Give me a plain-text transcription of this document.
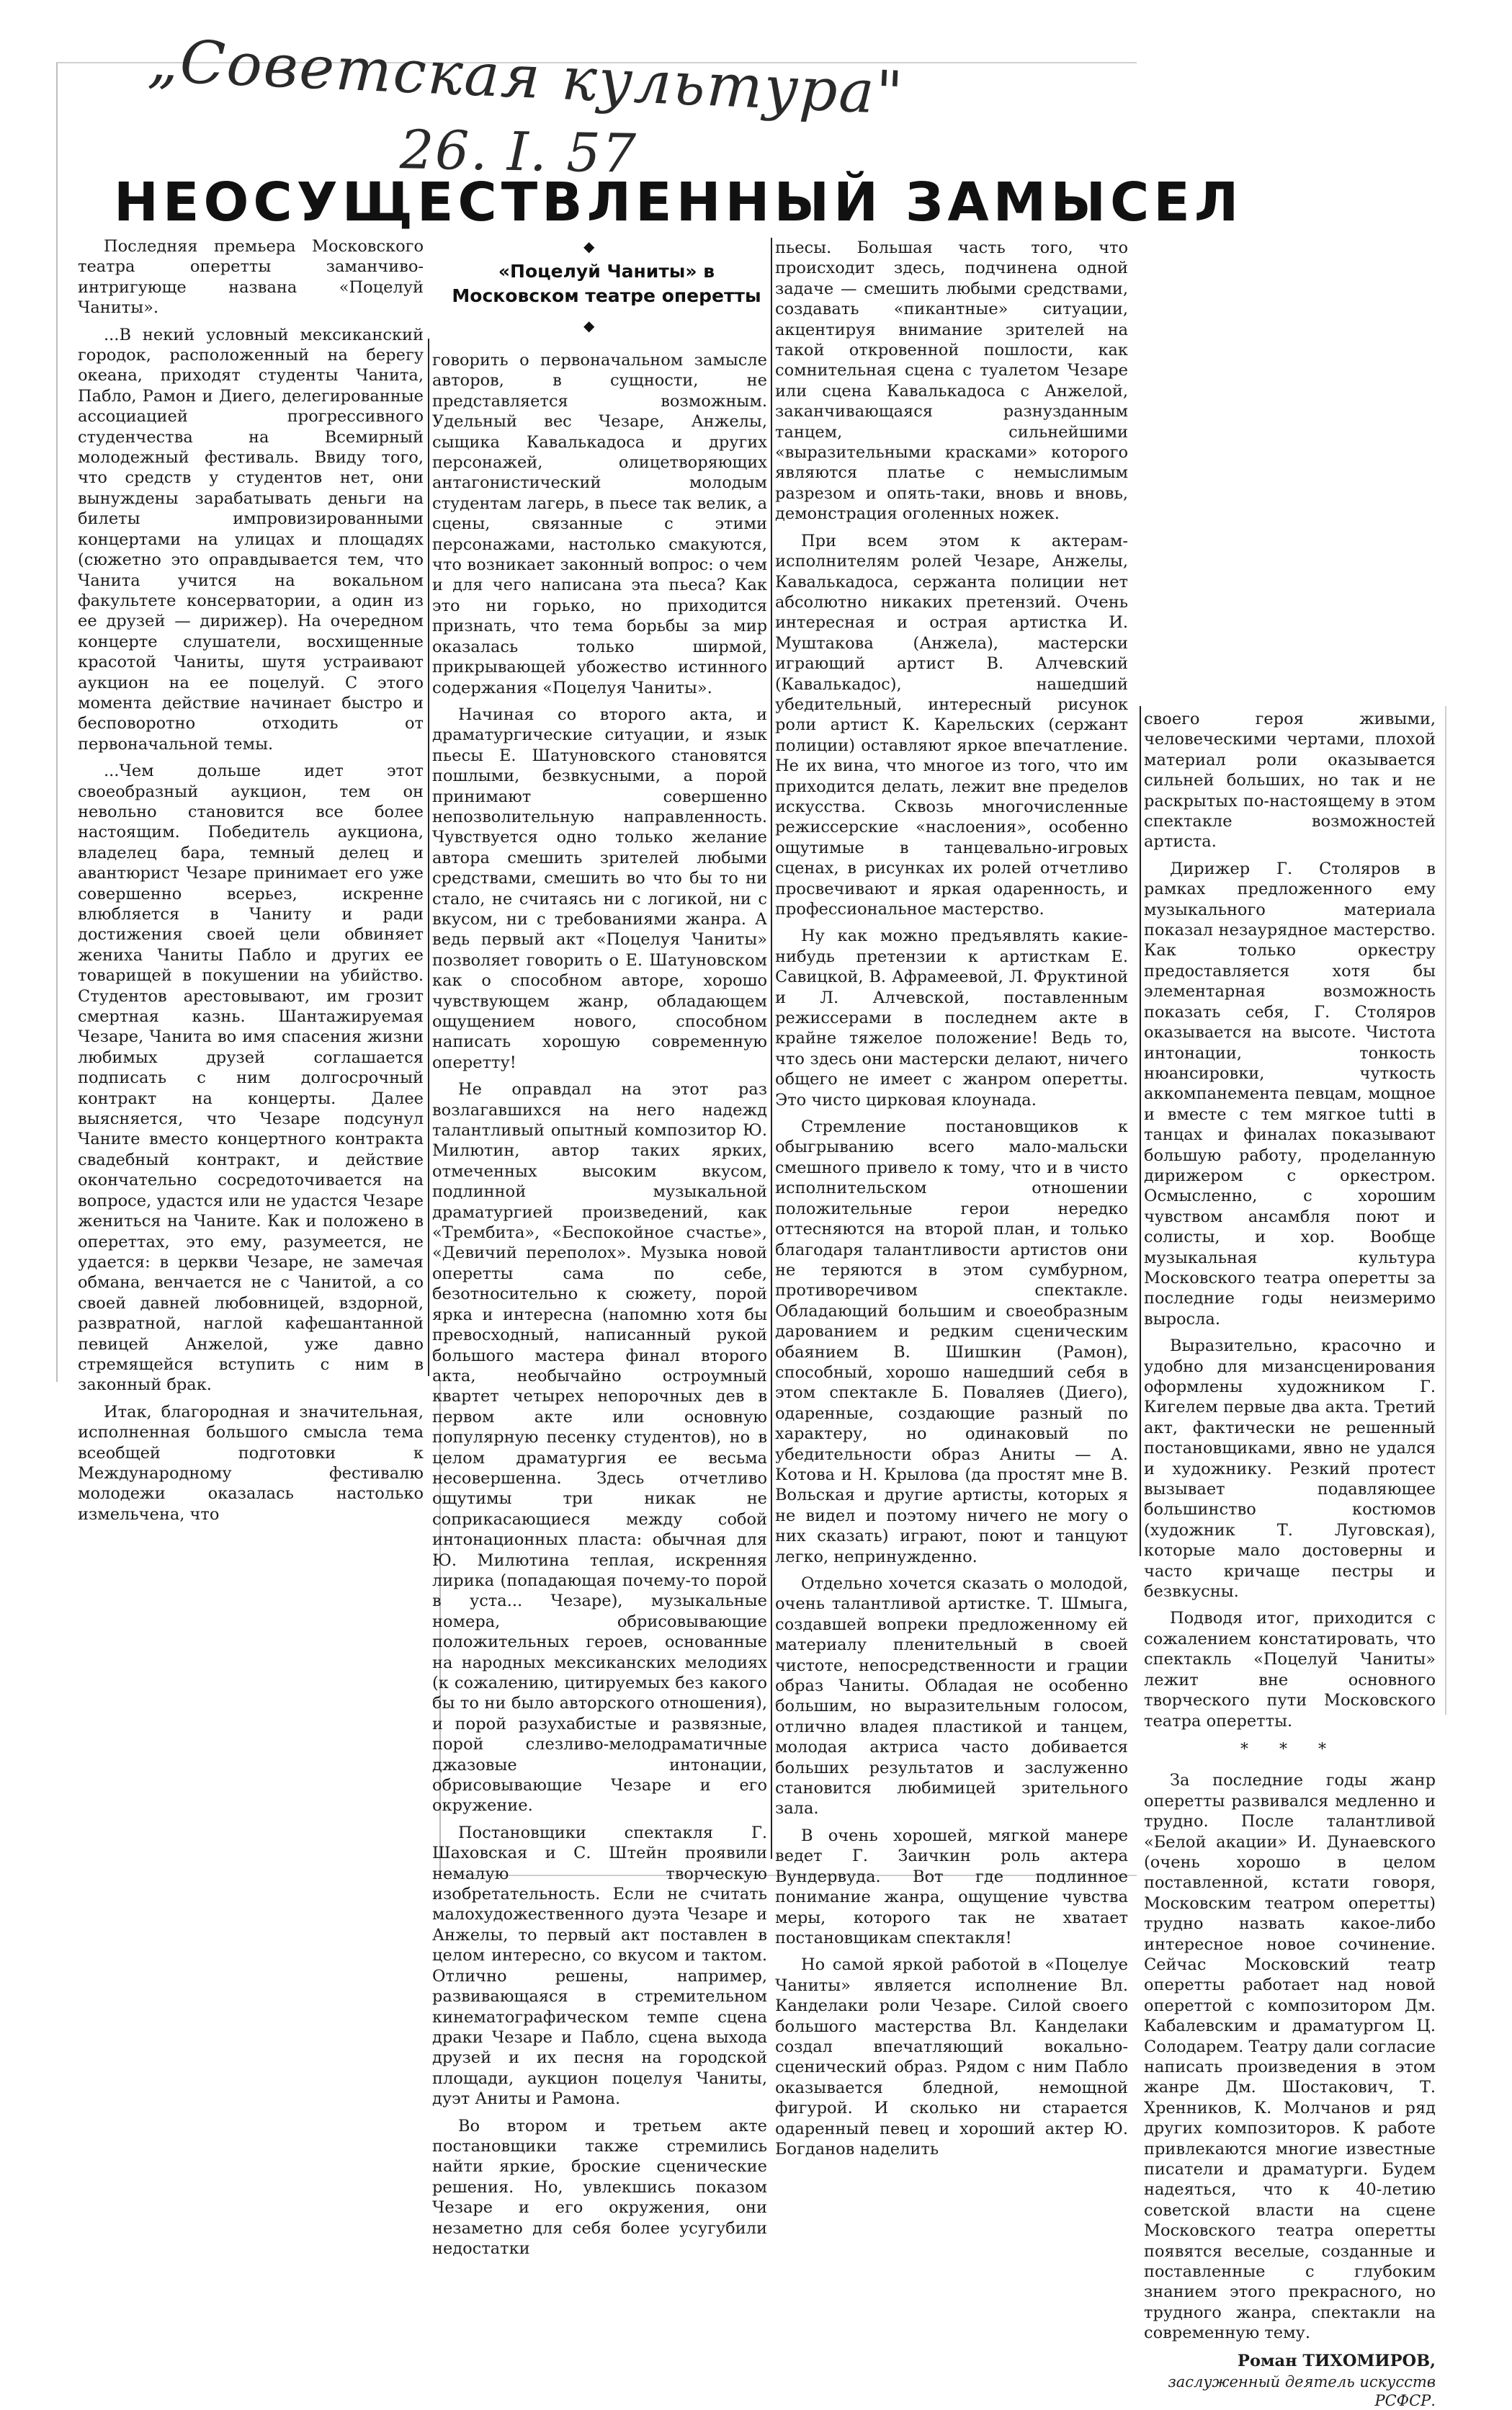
„Советская культура"
26. I. 57
НЕОСУЩЕСТВЛЕННЫЙ ЗАМЫСЕЛ
◆
«Поцелуй Чаниты» в Московском театре оперетты
◆

Последняя премьера Московского театра оперетты заманчиво-интригующе названа «Поцелуй Чаниты».

...В некий условный мексиканский городок, расположенный на берегу океана, приходят студенты Чанита, Пабло, Рамон и Диего, делегированные ассоциацией прогрессивного студенчества на Всемирный молодежный фестиваль. Ввиду того, что средств у студентов нет, они вынуждены зарабатывать деньги на билеты импровизированными концертами на улицах и площадях (сюжетно это оправдывается тем, что Чанита учится на вокальном факультете консерватории, а один из ее друзей — дирижер). На очередном концерте слушатели, восхищенные красотой Чаниты, шутя устраивают аукцион на ее поцелуй. С этого момента действие начинает быстро и бесповоротно отходить от первоначальной темы.

...Чем дольше идет этот своеобразный аукцион, тем он невольно становится все более настоящим. Победитель аукциона, владелец бара, темный делец и авантюрист Чезаре принимает его уже совершенно всерьез, искренне влюбляется в Чаниту и ради достижения своей цели обвиняет женихa Чаниты Пабло и других ее товарищей в покушении на убийство. Студентов арестовывают, им грозит смертная казнь. Шантажируемая Чезаре, Чанита во имя спасения жизни любимых друзей соглашается подписать с ним долгосрочный контракт на концерты. Далее выясняется, что Чезаре подсунул Чаните вместо концертного контракта свадебный контракт, и действие окончательно сосредоточивается на вопросе, удастся или не удастся Чезаре жениться на Чаните. Как и положено в опереттах, это ему, разумеется, не удается: в церкви Чезаре, не замечая обмана, венчается не с Чанитой, а со своей давней любовницей, вздорной, развратной, наглой кафешантанной певицей Анжелой, уже давно стремящейся вступить с ним в законный брак.

Итак, благородная и значительная, исполненная большого смысла тема всеобщей подготовки к Международному фестивалю молодежи оказалась настолько измельчена, что

говорить о первоначальном замысле авторов, в сущности, не представляется возможным. Удельный вес Чезаре, Анжелы, сыщика Кавалькадоса и других персонажей, олицетворяющих антагонистический молодым студентам лагерь, в пьесе так велик, а сцены, связанные с этими персонажами, настолько смакуются, что возникает законный вопрос: о чем и для чего написана эта пьеса? Как это ни горько, но приходится признать, что тема борьбы за мир оказалась только ширмой, прикрывающей убожество истинного содержания «Поцелуя Чаниты».

Начиная со второго акта, и драматургические ситуации, и язык пьесы Е. Шатуновского становятся пошлыми, безвкусными, а порой принимают совершенно непозволительную направленность. Чувствуется одно только желание автора смешить зрителей любыми средствами, смешить во что бы то ни стало, не считаясь ни с логикой, ни с вкусом, ни с требованиями жанра. А ведь первый акт «Поцелуя Чаниты» позволяет говорить о Е. Шатуновском как о способном авторе, хорошо чувствующем жанр, обладающем ощущением нового, способном написать хорошую современную оперетту!

Не оправдал на этот раз возлагавшихся на него надежд талантливый опытный композитор Ю. Милютин, автор таких ярких, отмеченных высоким вкусом, подлинной музыкальной драматургией произведений, как «Трембита», «Беспокойное счастье», «Девичий переполох». Музыка новой оперетты сама по себе, безотносительно к сюжету, порой ярка и интересна (напомню хотя бы превосходный, написанный рукой большого мастера финал второго акта, необычайно остроумный квартет четырех непорочных дев в первом акте или основную популярную песенку студентов), но в целом драматургия ее весьма несовершенна. Здесь отчетливо ощутимы три никак не соприкасающиеся между собой интонационных пласта: обычная для Ю. Милютина теплая, искренняя лирика (попадающая почему-то порой в уста... Чезаре), музыкальные номера, обрисовывающие положительных героев, основанные на народных мексиканских мелодиях (к сожалению, цитируемых без какого бы то ни было авторского отношения), и порой разухабистые и развязные, порой слезливо-мелодраматичные джазовые интонации, обрисовывающие Чезаре и его окружение.

Постановщики спектакля Г. Шаховская и С. Штейн проявили немалую творческую изобретательность. Если не считать малохудожественного дуэта Чезаре и Анжелы, то первый акт поставлен в целом интересно, со вкусом и тактом. Отлично решены, например, развивающаяся в стремительном кинематографическом темпе сцена драки Чезаре и Пабло, сцена выхода друзей и их песня на городской площади, аукцион поцелуя Чаниты, дуэт Аниты и Рамона.

Во втором и третьем акте постановщики также стремились найти яркие, броские сценические решения. Но, увлекшись показом Чезаре и его окружения, они незаметно для себя более усугубили недостатки

пьесы. Большая часть того, что происходит здесь, подчинена одной задаче — смешить любыми средствами, создавать «пикантные» ситуации, акцентируя внимание зрителей на такой откровенной пошлости, как сомнительная сцена с туалетом Чезаре или сцена Кавалькадоса с Анжелой, заканчивающаяся разнузданным танцем, сильнейшими «выразительными красками» которого являются платье с немыслимым разрезом и опять-таки, вновь и вновь, демонстрация оголенных ножек.

При всем этом к актерам-исполнителям ролей Чезаре, Анжелы, Кавалькадоса, сержанта полиции нет абсолютно никаких претензий. Очень интересная и острая артистка И. Муштакова (Анжела), мастерски играющий артист В. Алчевский (Кавалькадос), нашедший убедительный, интересный рисунок роли артист К. Карельских (сержант полиции) оставляют яркое впечатление. Не их вина, что многое из того, что им приходится делать, лежит вне пределов искусства. Сквозь многочисленные режиссерские «наслоения», особенно ощутимые в танцевально-игровых сценах, в рисунках их ролей отчетливо просвечивают и яркая одаренность, и профессиональное мастерство.

Ну как можно предъявлять какие-нибудь претензии к артисткам Е. Савицкой, В. Афрамеевой, Л. Фруктиной и Л. Алчевской, поставленным режиссерами в последнем акте в крайне тяжелое положение! Ведь то, что здесь они мастерски делают, ничего общего не имеет с жанром оперетты. Это чисто цирковая клоунада.

Стремление постановщиков к обыгрыванию всего мало-мальски смешного привело к тому, что и в чисто исполнительском отношении положительные герои нередко оттесняются на второй план, и только благодаря талантливости артистов они не теряются в этом сумбурном, противоречивом спектакле. Обладающий большим и своеобразным дарованием и редким сценическим обаянием В. Шишкин (Рамон), способный, хорошо нашедший себя в этом спектакле Б. Поваляев (Диего), одаренные, создающие разный по характеру, но одинаковый по убедительности образ Аниты — А. Котова и Н. Крылова (да простят мне В. Вольская и другие артисты, которых я не видел и поэтому ничего не могу о них сказать) играют, поют и танцуют легко, непринужденно.

Отдельно хочется сказать о молодой, очень талантливой артистке. Т. Шмыга, создавшей вопреки предложенному ей материалу пленительный в своей чистоте, непосредственности и грации образ Чаниты. Обладая не особенно большим, но выразительным голосом, отлично владея пластикой и танцем, молодая актриса часто добивается больших результатов и заслуженно становится любимицей зрительного зала.

В очень хорошей, мягкой манере ведет Г. Заичкин роль актера Вундервуда. Вот где подлинное понимание жанра, ощущение чувства меры, которого так не хватает постановщикам спектакля!

Но самой яркой работой в «Поцелуе Чаниты» является исполнение Вл. Канделаки роли Чезаре. Силой своего большого мастерства Вл. Канделаки создал впечатляющий вокально-сценический образ. Рядом с ним Пабло оказывается бледной, немощной фигурой. И сколько ни старается одаренный певец и хороший актер Ю. Богданов наделить

своего героя живыми, человеческими чертами, плохой материал роли оказывается сильней больших, но так и не раскрытых по-настоящему в этом спектакле возможностей артиста.

Дирижер Г. Столяров в рамках предложенного ему музыкального материала показал незаурядное мастерство. Как только оркестру предоставляется хотя бы элементарная возможность показать себя, Г. Столяров оказывается на высоте. Чистота интонации, тонкость нюансировки, чуткость аккомпанемента певцам, мощное и вместе с тем мягкое tutti в танцах и финалах показывают большую работу, проделанную дирижером с оркестром. Осмысленно, с хорошим чувством ансамбля поют и солисты, и хор. Вообще музыкальная культура Московского театра оперетты за последние годы неизмеримо выросла.

Выразительно, красочно и удобно для мизансценирования оформлены художником Г. Кигелем первые два акта. Третий акт, фактически не решенный постановщиками, явно не удался и художнику. Резкий протест вызывает подавляющее большинство костюмов (художник Т. Луговская), которые мало достоверны и часто кричаще пестры и безвкусны.

Подводя итог, приходится с сожалением констатировать, что спектакль «Поцелуй Чаниты» лежит вне основного творческого пути Московского театра оперетты.

* * *

За последние годы жанр оперетты развивался медленно и трудно. После талантливой «Белой акации» И. Дунаевского (очень хорошо в целом поставленной, кстати говоря, Московским театром оперетты) трудно назвать какое-либо интересное новое сочинение. Сейчас Московский театр оперетты работает над новой опереттой с композитором Дм. Кабалевским и драматургом Ц. Солодарем. Театру дали согласие написать произведения в этом жанре Дм. Шостакович, Т. Хренников, К. Молчанов и ряд других композиторов. К работе привлекаются многие известные писатели и драматурги. Будем надеяться, что к 40-летию советской власти на сцене Московского театра оперетты появятся веселые, созданные и поставленные с глубоким знанием этого прекрасного, но трудного жанра, спектакли на современную тему.

Роман ТИХОМИРОВ,
заслуженный деятель искусств РСФСР.
